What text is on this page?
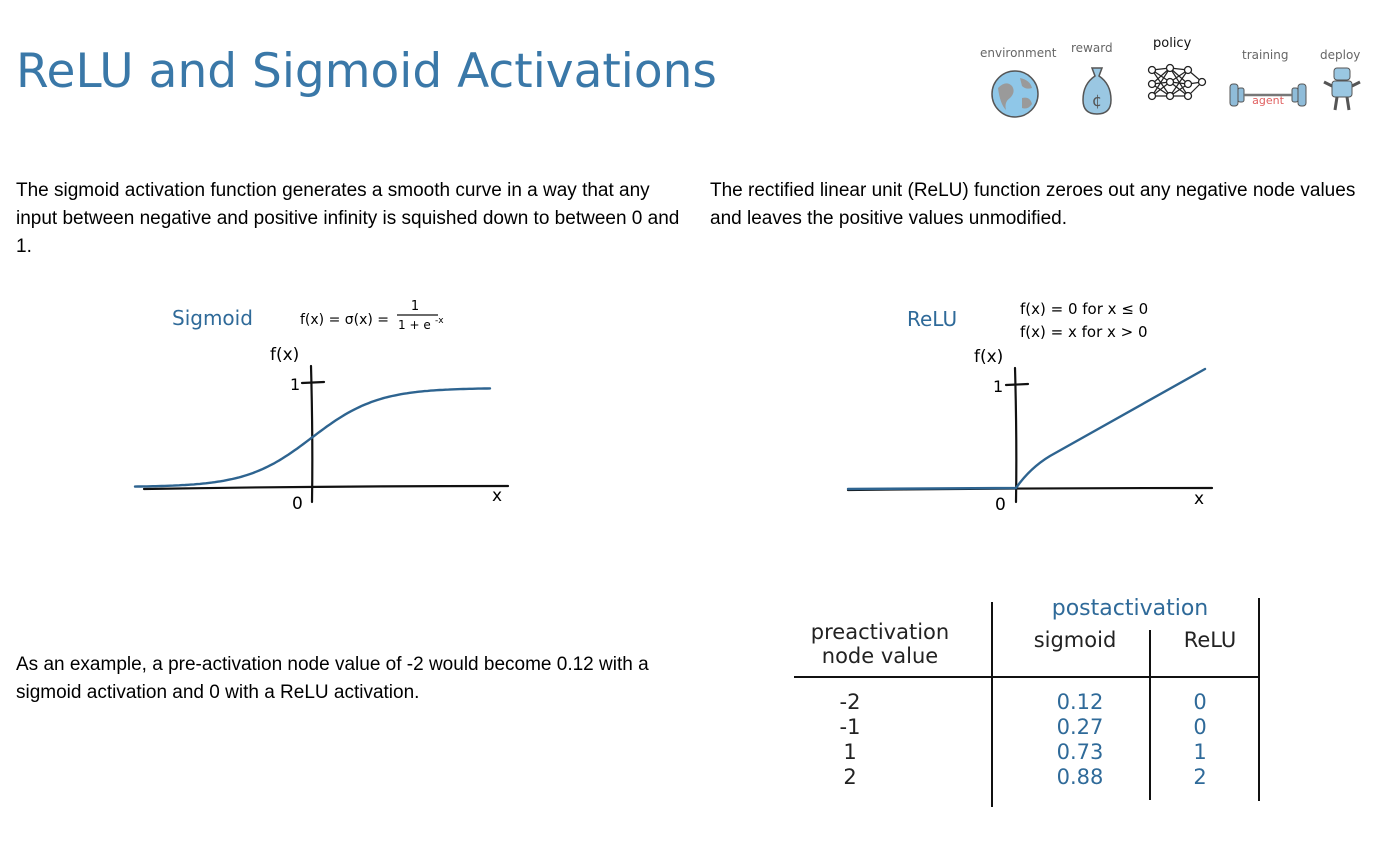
ReLU and Sigmoid Activations	environment reward	policy
training	deploy
¢	agent

The sigmoid activation function generates a smooth curve in a way that any input between negative and positive infinity is squished down to between 0 and 1.

The rectified linear unit (ReLU) function zeroes out any negative node values and leaves the positive values unmodified.

As an example, a pre-activation node value of -2 would become 0.12 with a sigmoid activation and 0 with a ReLU activation.

Sigmoid	f(x) = σ(x) =
1
1 + e -x
f(x)
1
0	x
ReLU	f(x) = 0 for x ≤ 0
f(x) = x for x > 0
f(x)
1
0	x
postactivation
preactivation
node value
sigmoid	ReLU
-2	0.12	0
-1	0.27	0
1	0.73	1
2	0.88	2
